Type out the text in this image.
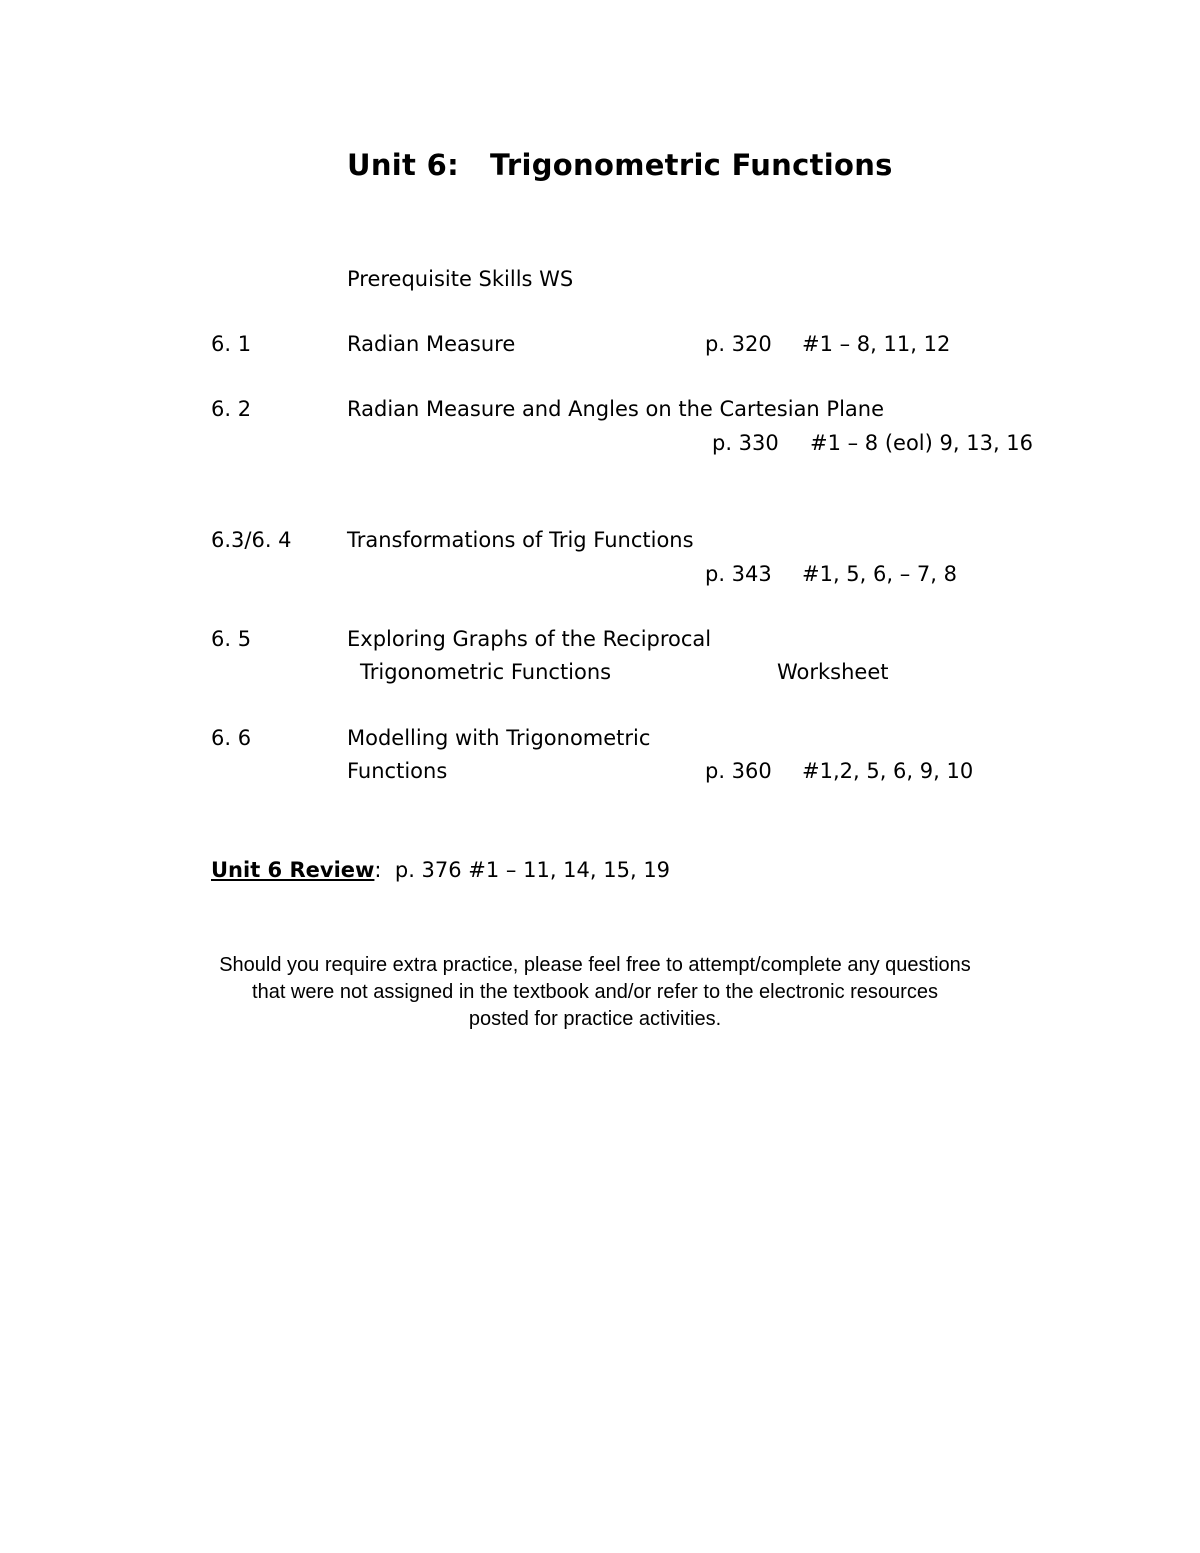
Unit 6: Trigonometric Functions
Prerequisite Skills WS
6. 1	Radian Measure	p. 320 #1 – 8, 11, 12
6. 2	Radian Measure and Angles on the Cartesian Plane
p. 330 #1 – 8 (eol) 9, 13, 16
6.3/6. 4	Transformations of Trig Functions
p. 343 #1, 5, 6, – 7, 8
6. 5	Exploring Graphs of the Reciprocal
Trigonometric Functions	Worksheet
6. 6	Modelling with Trigonometric
Functions	p. 360 #1,2, 5, 6, 9, 10
Unit 6 Review: p. 376 #1 – 11, 14, 15, 19
Should you require extra practice, please feel free to attempt/complete any questions
that were not assigned in the textbook and/or refer to the electronic resources
posted for practice activities.
